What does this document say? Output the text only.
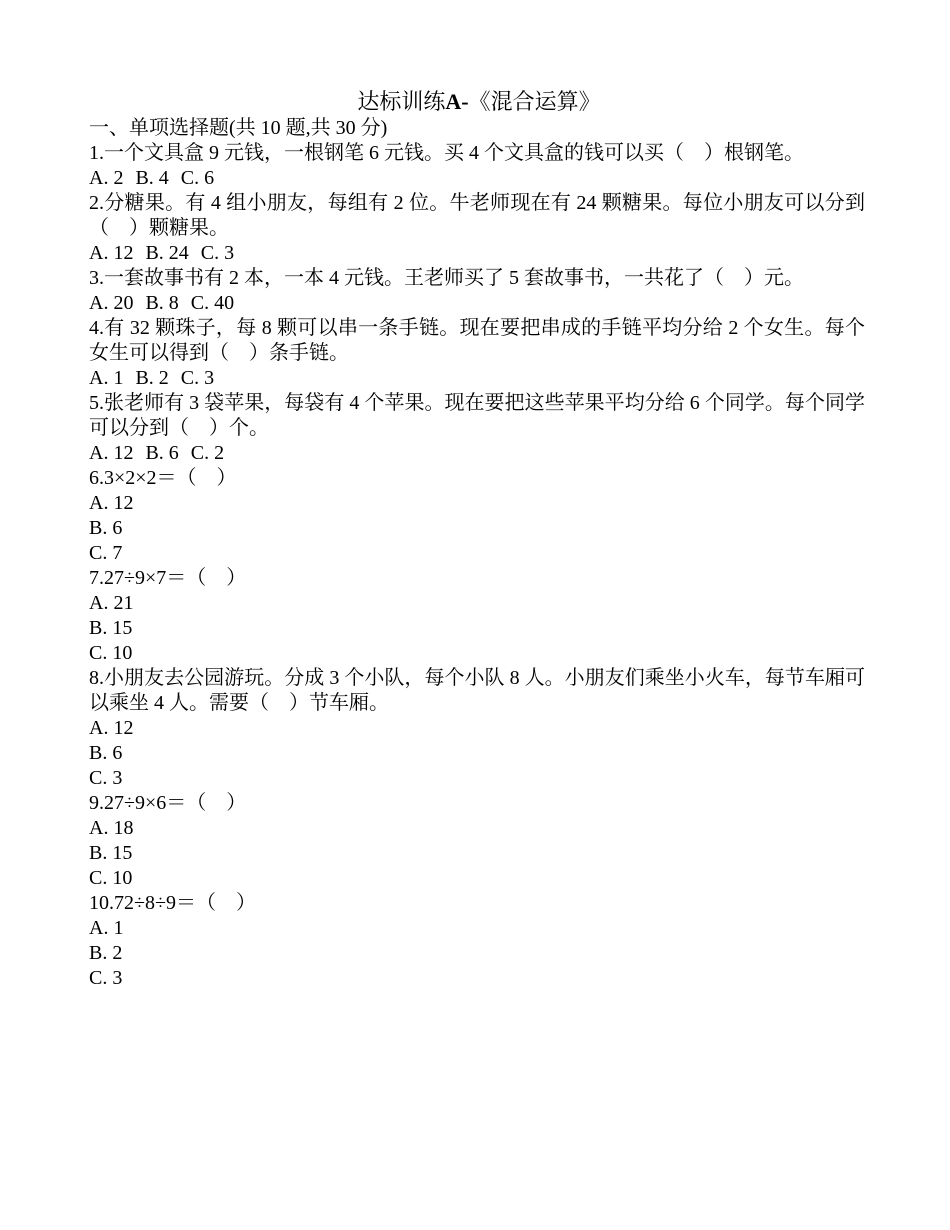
达标训练A-《混合运算》
一、单项选择题(共 10 题,共 30 分)
1.一个文具盒 9 元钱，一根钢笔 6 元钱。买 4 个文具盒的钱可以买（　）根钢笔。
A. 2 B. 4 C. 6
2.分糖果。有 4 组小朋友，每组有 2 位。牛老师现在有 24 颗糖果。每位小朋友可以分到（　）颗糖果。
A. 12 B. 24 C. 3
3.一套故事书有 2 本，一本 4 元钱。王老师买了 5 套故事书，一共花了（　）元。
A. 20 B. 8 C. 40
4.有 32 颗珠子，每 8 颗可以串一条手链。现在要把串成的手链平均分给 2 个女生。每个女生可以得到（　）条手链。
A. 1 B. 2 C. 3
5.张老师有 3 袋苹果，每袋有 4 个苹果。现在要把这些苹果平均分给 6 个同学。每个同学可以分到（　）个。
A. 12 B. 6 C. 2
6.3×2×2＝（　）
A. 12
B. 6
C. 7
7.27÷9×7＝（　）
A. 21
B. 15
C. 10
8.小朋友去公园游玩。分成 3 个小队，每个小队 8 人。小朋友们乘坐小火车，每节车厢可以乘坐 4 人。需要（　）节车厢。
A. 12
B. 6
C. 3
9.27÷9×6＝（　）
A. 18
B. 15
C. 10
10.72÷8÷9＝（　）
A. 1
B. 2
C. 3
